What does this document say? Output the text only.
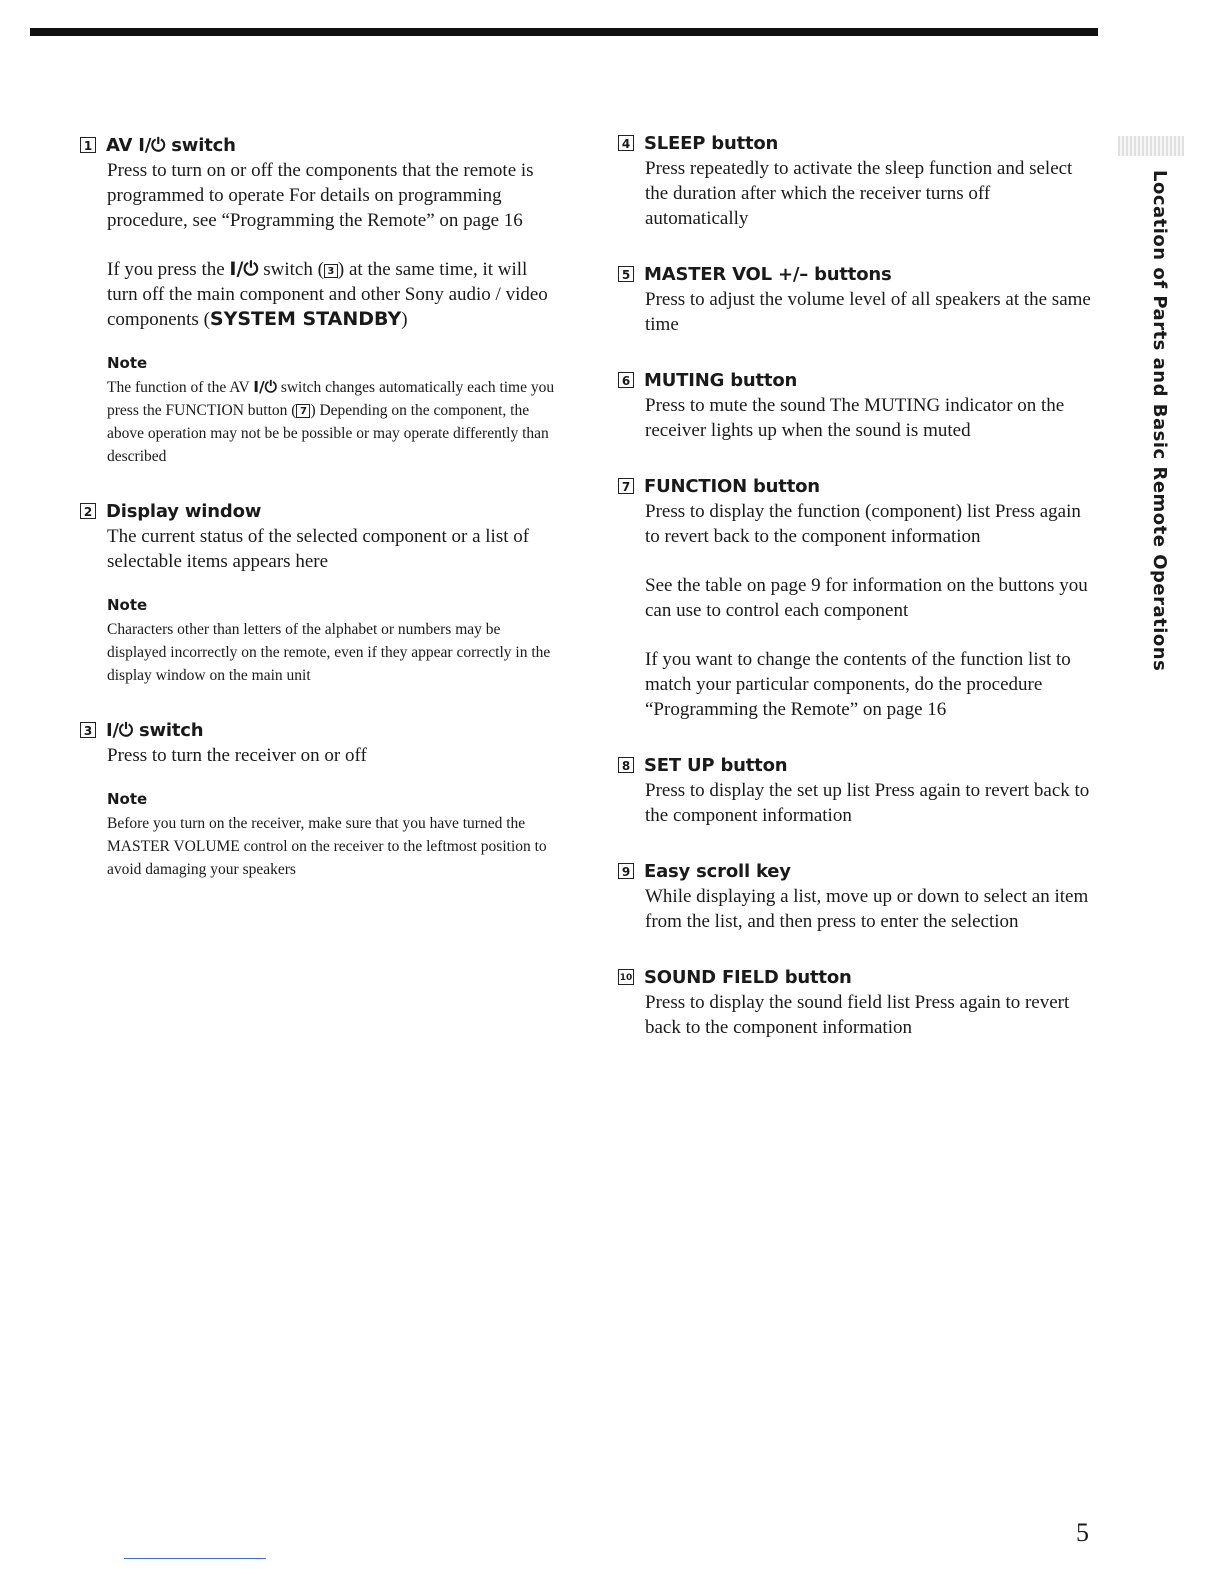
1 AV I/⏻ switch

Press to turn on or off the components that the remote is programmed to operate For details on programming procedure, see “Programming the Remote” on page 16

If you press the I/⏻ switch ( 3 ) at the same time, it will turn off the main component and other Sony audio / video components (SYSTEM STANDBY)

Note
The function of the AV I/⏻ switch changes automatically each time you press the FUNCTION button ( 7 ) Depending on the component, the above operation may not be be possible or may operate differently than described
2 Display window

The current status of the selected component or a list of selectable items appears here

Note
Characters other than letters of the alphabet or numbers may be displayed incorrectly on the remote, even if they appear correctly in the display window on the main unit
3 I/⏻ switch

Press to turn the receiver on or off

Note
Before you turn on the receiver, make sure that you have turned the MASTER VOLUME control on the receiver to the leftmost position to avoid damaging your speakers
4 SLEEP button

Press repeatedly to activate the sleep function and select the duration after which the receiver turns off automatically

5 MASTER VOL +/– buttons

Press to adjust the volume level of all speakers at the same time

6 MUTING button

Press to mute the sound The MUTING indicator on the receiver lights up when the sound is muted

7 FUNCTION button

Press to display the function (component) list Press again to revert back to the component information

See the table on page 9 for information on the buttons you can use to control each component

If you want to change the contents of the function list to match your particular components, do the procedure “Programming the Remote” on page 16

8 SET UP button

Press to display the set up list Press again to revert back to the component information

9 Easy scroll key

While displaying a list, move up or down to select an item from the list, and then press to enter the selection

10 SOUND FIELD button

Press to display the sound field list Press again to revert back to the component information

Location of Parts and Basic Remote Operations
5
